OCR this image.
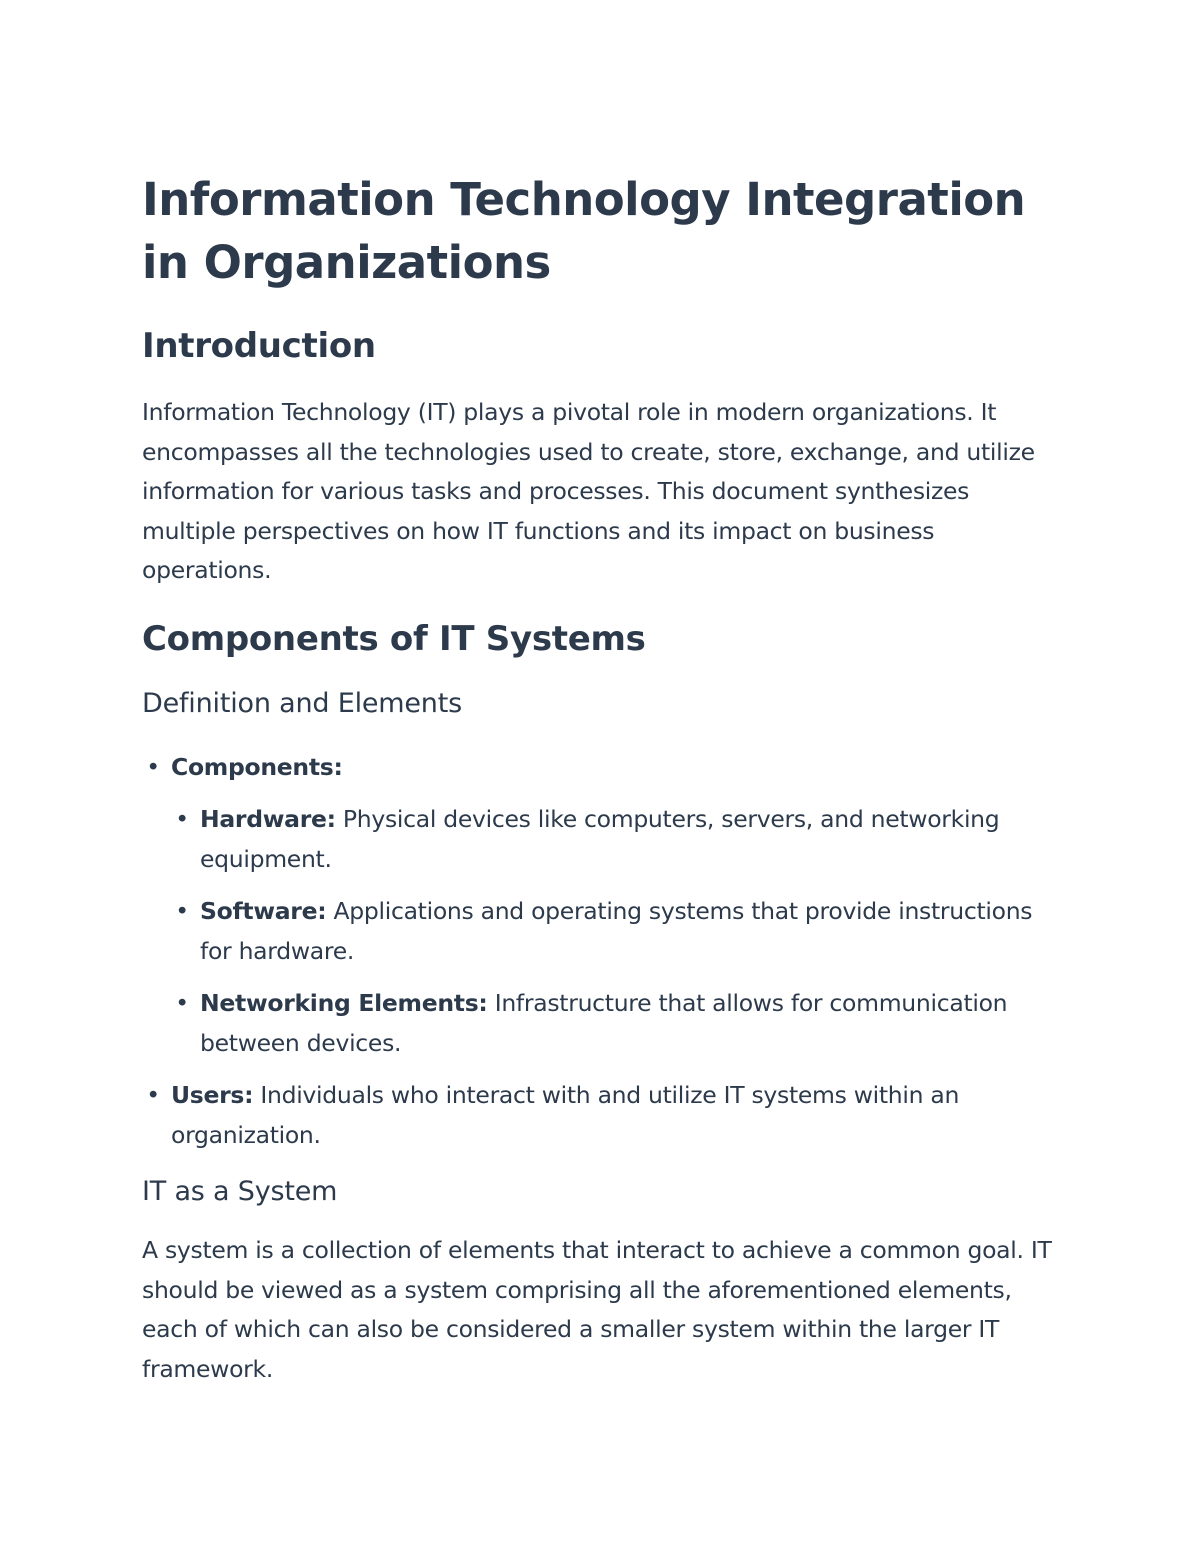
Information Technology Integration in Organizations
Introduction

Information Technology (IT) plays a pivotal role in modern organizations. It encompasses all the technologies used to create, store, exchange, and utilize information for various tasks and processes. This document synthesizes multiple perspectives on how IT functions and its impact on business operations.

Components of IT Systems
Definition and Elements
• Components:
• Hardware: Physical devices like computers, servers, and networking equipment.
• Software: Applications and operating systems that provide instructions for hardware.
• Networking Elements: Infrastructure that allows for communication between devices.
• Users: Individuals who interact with and utilize IT systems within an organization.
IT as a System

A system is a collection of elements that interact to achieve a common goal. IT should be viewed as a system comprising all the aforementioned elements, each of which can also be considered a smaller system within the larger IT framework.
